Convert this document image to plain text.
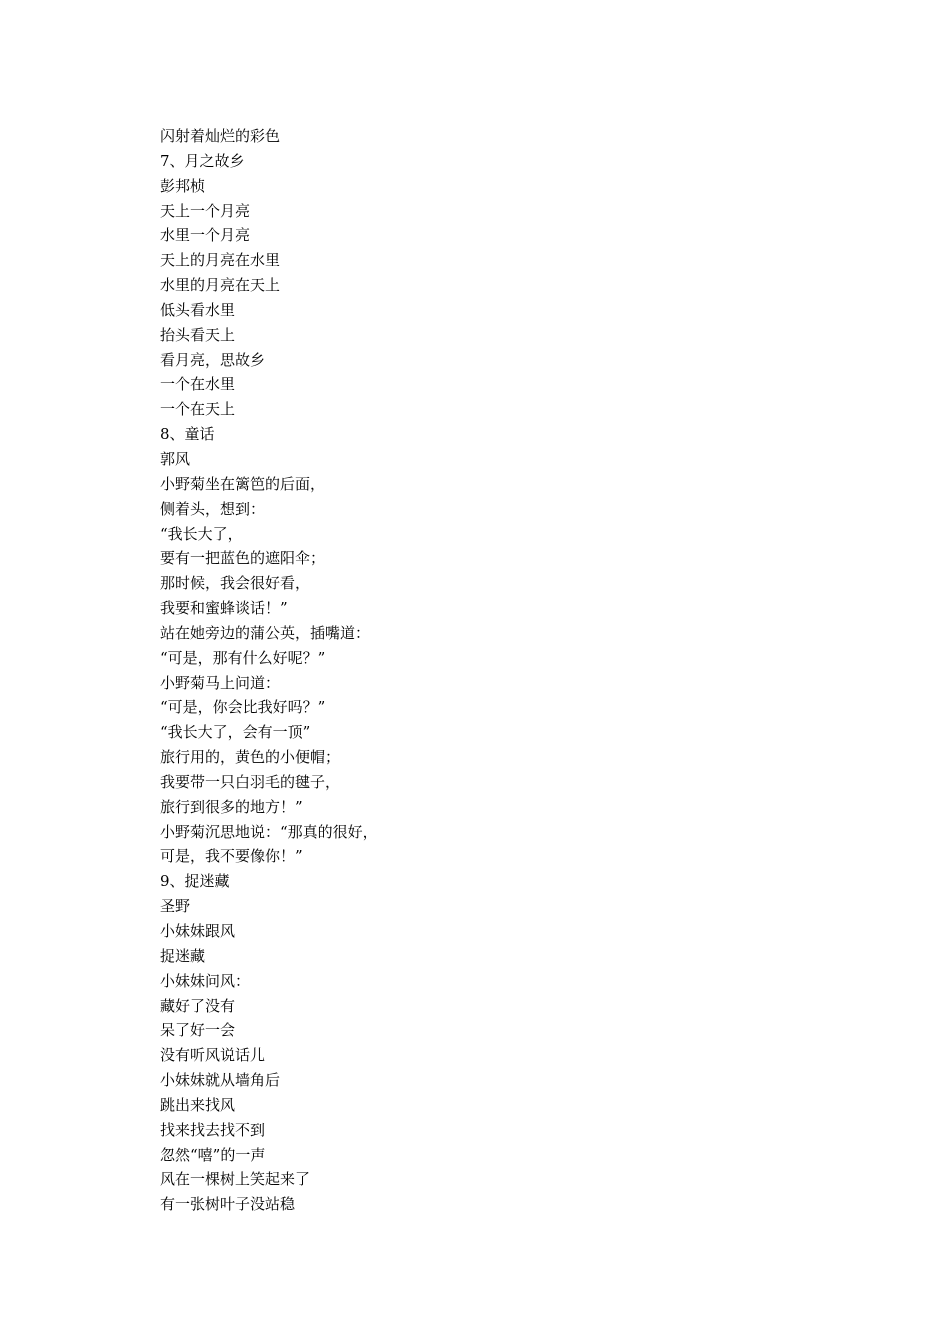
闪射着灿烂的彩色
7、月之故乡
彭邦桢
天上一个月亮
水里一个月亮
天上的月亮在水里
水里的月亮在天上
低头看水里
抬头看天上
看月亮，思故乡
一个在水里
一个在天上
8、童话
郭风
小野菊坐在篱笆的后面，
侧着头，想到：
“我长大了，
要有一把蓝色的遮阳伞；
那时候，我会很好看，
我要和蜜蜂谈话！”
站在她旁边的蒲公英，插嘴道：
“可是，那有什么好呢？”
小野菊马上问道：
“可是，你会比我好吗？”
“我长大了，会有一顶”
旅行用的，黄色的小便帽；
我要带一只白羽毛的毽子，
旅行到很多的地方！”
小野菊沉思地说：“那真的很好，
可是，我不要像你！”
9、捉迷藏
圣野
小妹妹跟风
捉迷藏
小妹妹问风：
藏好了没有
呆了好一会
没有听风说话儿
小妹妹就从墙角后
跳出来找风
找来找去找不到
忽然“嘻”的一声
风在一棵树上笑起来了
有一张树叶子没站稳
